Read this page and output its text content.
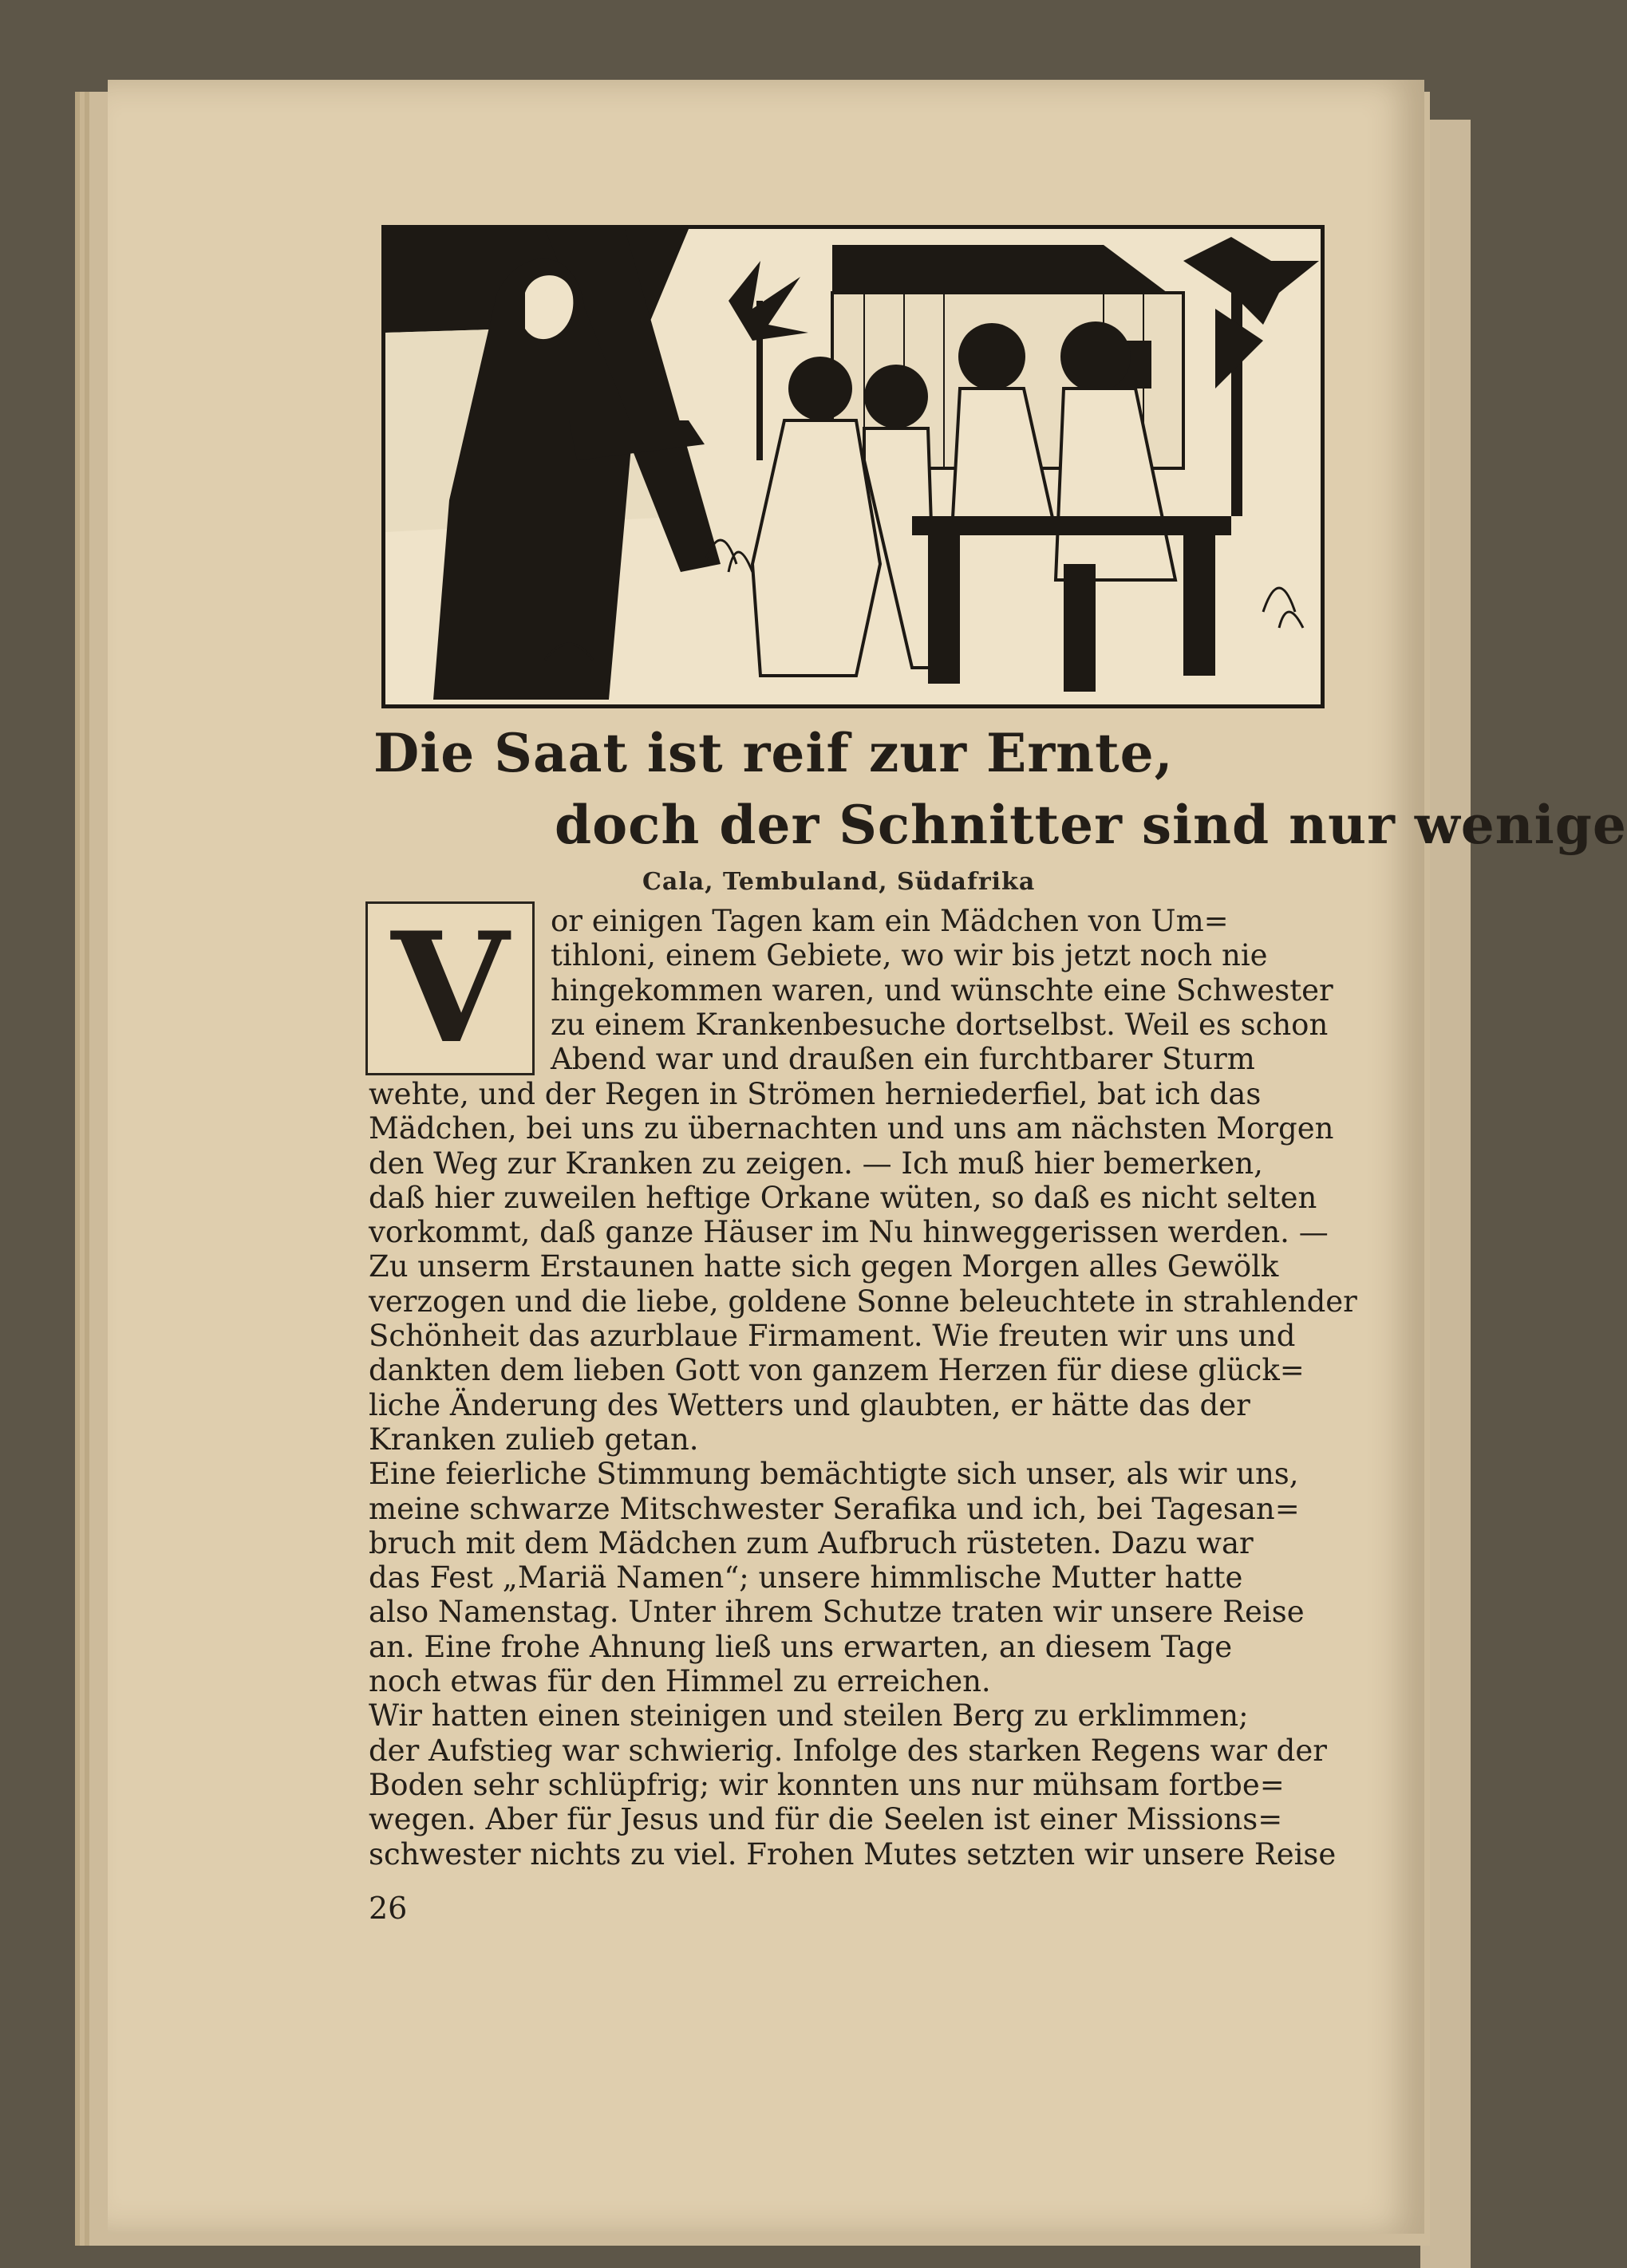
Die Saat ist reif zur Ernte,
doch der Schnitter sind nur wenige
Cala, Tembuland, Südafrika
V	or einigen Tagen kam ein Mädchen von Um=
tihloni, einem Gebiete, wo wir bis jetzt noch nie
hingekommen waren, und wünschte eine Schwester
zu einem Krankenbesuche dortselbst. Weil es schon
Abend war und draußen ein furchtbarer Sturm
wehte, und der Regen in Strömen herniederfiel, bat ich das
Mädchen, bei uns zu übernachten und uns am nächsten Morgen
den Weg zur Kranken zu zeigen. — Ich muß hier bemerken,
daß hier zuweilen heftige Orkane wüten, so daß es nicht selten
vorkommt, daß ganze Häuser im Nu hinweggerissen werden. —
Zu unserm Erstaunen hatte sich gegen Morgen alles Gewölk
verzogen und die liebe, goldene Sonne beleuchtete in strahlender
Schönheit das azurblaue Firmament. Wie freuten wir uns und
dankten dem lieben Gott von ganzem Herzen für diese glück=
liche Änderung des Wetters und glaubten, er hätte das der
Kranken zulieb getan.
Eine feierliche Stimmung bemächtigte sich unser, als wir uns,
meine schwarze Mitschwester Serafika und ich, bei Tagesan=
bruch mit dem Mädchen zum Aufbruch rüsteten. Dazu war
das Fest „Mariä Namen“; unsere himmlische Mutter hatte
also Namenstag. Unter ihrem Schutze traten wir unsere Reise
an. Eine frohe Ahnung ließ uns erwarten, an diesem Tage
noch etwas für den Himmel zu erreichen.
Wir hatten einen steinigen und steilen Berg zu erklimmen;
der Aufstieg war schwierig. Infolge des starken Regens war der
Boden sehr schlüpfrig; wir konnten uns nur mühsam fortbe=
wegen. Aber für Jesus und für die Seelen ist einer Missions=
schwester nichts zu viel. Frohen Mutes setzten wir unsere Reise
26
